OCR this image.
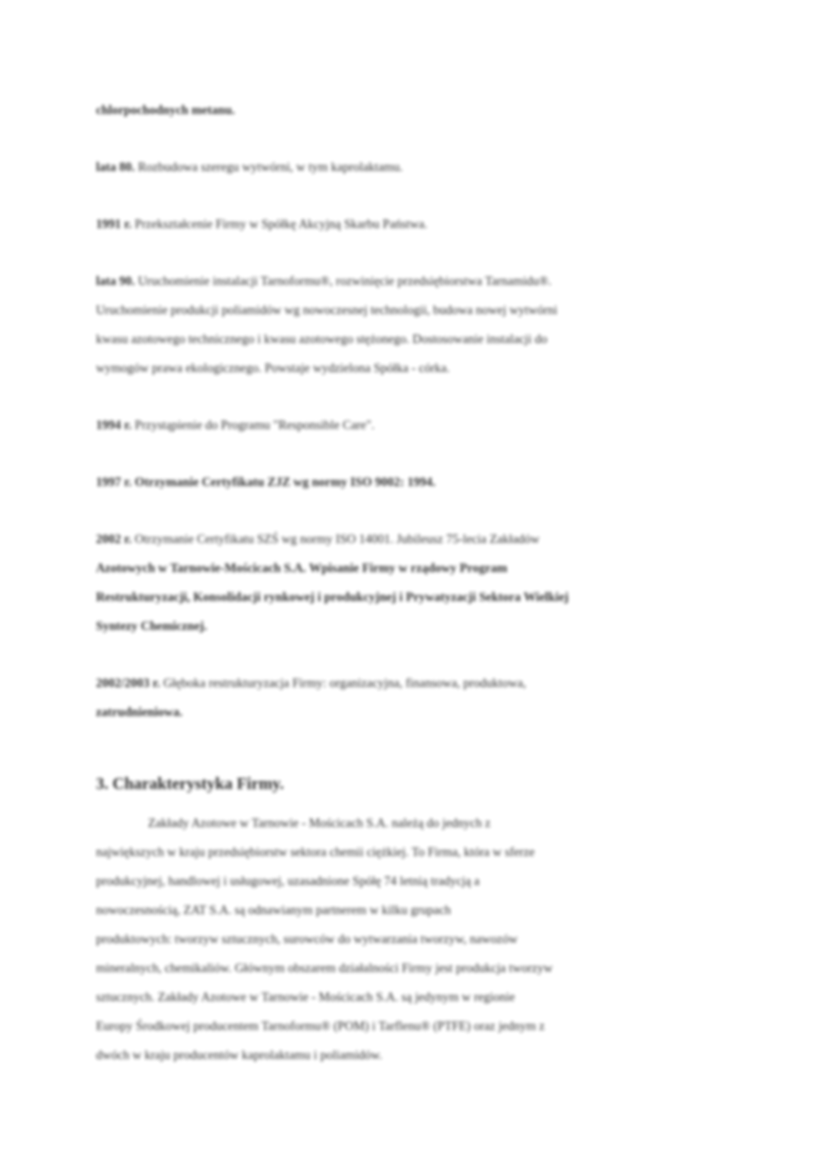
chlorpochodnych metanu.
lata 80. Rozbudowa szeregu wytwórni, w tym kaprolaktamu.
1991 r. Przekształcenie Firmy w Spółkę Akcyjną Skarbu Państwa.
lata 90. Uruchomienie instalacji Tarnoformu®, rozwinięcie przedsiębiorstwa Tarnamidu®.
Uruchomienie produkcji poliamidów wg nowoczesnej technologii, budowa nowej wytwórni
kwasu azotowego technicznego i kwasu azotowego stężonego. Dostosowanie instalacji do
wymogów prawa ekologicznego. Powstaje wydzielona Spółka - córka.
1994 r. Przystąpienie do Programu "Responsible Care".
1997 r. Otrzymanie Certyfikatu ZJZ wg normy ISO 9002: 1994.
2002 r. Otrzymanie Certyfikatu SZŚ wg normy ISO 14001. Jubileusz 75-lecia Zakładów
Azotowych w Tarnowie-Mościcach S.A. Wpisanie Firmy w rządowy Program
Restrukturyzacji, Konsolidacji rynkowej i produkcyjnej i Prywatyzacji Sektora Wielkiej
Syntezy Chemicznej.
2002/2003 r. Głęboka restrukturyzacja Firmy: organizacyjna, finansowa, produktowa,
zatrudnieniowa.
3. Charakterystyka Firmy.
Zakłady Azotowe w Tarnowie - Mościcach S.A. należą do jednych z
największych w kraju przedsiębiorstw sektora chemii ciężkiej. To Firma, która w sferze
produkcyjnej, handlowej i usługowej, uzasadnione Spółę 74 letnią tradycją a
nowoczesnością, ZAT S.A. są odnawianym partnerem w kilku grupach
produktowych: tworzyw sztucznych, surowców do wytwarzania tworzyw, nawozów
mineralnych, chemikaliów. Głównym obszarem działalności Firmy jest produkcja tworzyw
sztucznych. Zakłady Azotowe w Tarnowie - Mościcach S.A. są jedynym w regionie
Europy Środkowej producentem Tarnoformu® (POM) i Tarflenu® (PTFE) oraz jednym z
dwóch w kraju producentów kaprolaktamu i poliamidów.
